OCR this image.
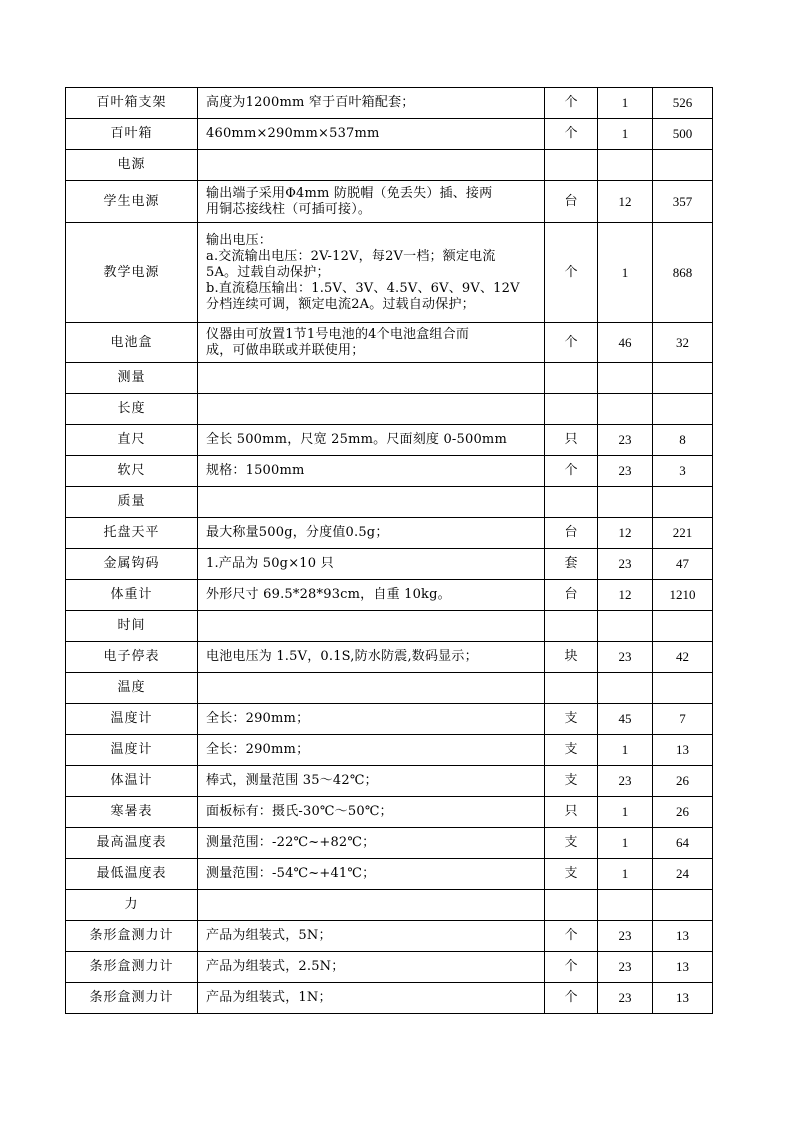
百叶箱支架	高度为1200mm 窄于百叶箱配套；	个	1	526
百叶箱	460mm×290mm×537mm	个	1	500
电源	

学生电源	输出端子采用Φ4mm 防脱帽（免丢失）插、接两
用铜芯接线柱（可插可接）。	台	12	357
教学电源	输出电压：
a.交流输出电压：2V-12V，每2V一档；额定电流
5A。过载自动保护；
b.直流稳压输出：1.5V、3V、4.5V、6V、9V、12V
分档连续可调，额定电流2A。过载自动保护；	个	1	868
电池盒	仪器由可放置1节1号电池的4个电池盒组合而
成，可做串联或并联使用；	个	46	32
测量	

长度	

直尺	全长 500mm，尺宽 25mm。尺面刻度 0-500mm	只	23	8
软尺	规格：1500mm	个	23	3
质量	

托盘天平	最大称量500g，分度值0.5g；	台	12	221
金属钩码	1.产品为 50g×10 只	套	23	47
体重计	外形尺寸 69.5*28*93cm，自重 10kg。	台	12	1210
时间	

电子停表	电池电压为 1.5V，0.1S,防水防震,数码显示；	块	23	42
温度	

温度计	全长：290mm；	支	45	7
温度计	全长：290mm；	支	1	13
体温计	棒式，测量范围 35～42℃；	支	23	26
寒暑表	面板标有：摄氏-30℃～50℃；	只	1	26
最高温度表	测量范围：-22℃~+82℃；	支	1	64
最低温度表	测量范围：-54℃~+41℃；	支	1	24
力	

条形盒测力计	产品为组装式，5N；	个	23	13
条形盒测力计	产品为组装式，2.5N；	个	23	13
条形盒测力计	产品为组装式，1N；	个	23	13
